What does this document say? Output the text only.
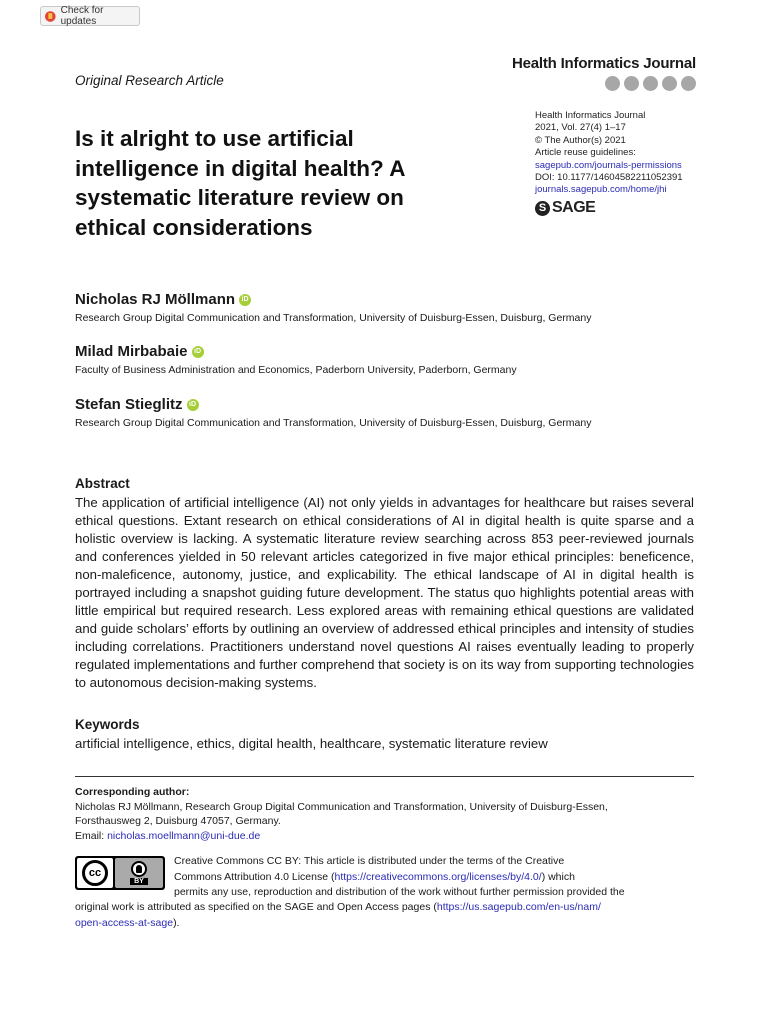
Check for updates
Original Research Article
Health Informatics Journal
Health Informatics Journal
2021, Vol. 27(4) 1–17
© The Author(s) 2021
Article reuse guidelines:
sagepub.com/journals-permissions
DOI: 10.1177/14604582211052391
journals.sagepub.com/home/jhi
S SAGE
Is it alright to use artificial intelligence in digital health? A systematic literature review on ethical considerations
Nicholas RJ Möllmann iD
Research Group Digital Communication and Transformation, University of Duisburg-Essen, Duisburg, Germany
Milad Mirbabaie iD
Faculty of Business Administration and Economics, Paderborn University, Paderborn, Germany
Stefan Stieglitz iD
Research Group Digital Communication and Transformation, University of Duisburg-Essen, Duisburg, Germany
Abstract

The application of artificial intelligence (AI) not only yields in advantages for healthcare but raises several ethical questions. Extant research on ethical considerations of AI in digital health is quite sparse and a holistic overview is lacking. A systematic literature review searching across 853 peer-reviewed journals and conferences yielded in 50 relevant articles categorized in five major ethical principles: beneficence, non-maleficence, autonomy, justice, and explicability. The ethical landscape of AI in digital health is portrayed including a snapshot guiding future development. The status quo highlights potential areas with little empirical but required research. Less explored areas with remaining ethical questions are validated and guide scholars’ efforts by outlining an overview of addressed ethical principles and intensity of studies including correlations. Practitioners understand novel questions AI raises eventually leading to properly regulated implementations and further comprehend that society is on its way from supporting technologies to autonomous decision-making systems.

Keywords
artificial intelligence, ethics, digital health, healthcare, systematic literature review
Corresponding author:
Nicholas RJ Möllmann, Research Group Digital Communication and Transformation, University of Duisburg-Essen,
Forsthausweg 2, Duisburg 47057, Germany.
Email: nicholas.moellmann@uni-due.de
cc
BY
Creative Commons CC BY: This article is distributed under the terms of the Creative
Commons Attribution 4.0 License (https://creativecommons.org/licenses/by/4.0/) which
permits any use, reproduction and distribution of the work without further permission provided the
original work is attributed as specified on the SAGE and Open Access pages (https://us.sagepub.com/en-us/nam/
open-access-at-sage).
